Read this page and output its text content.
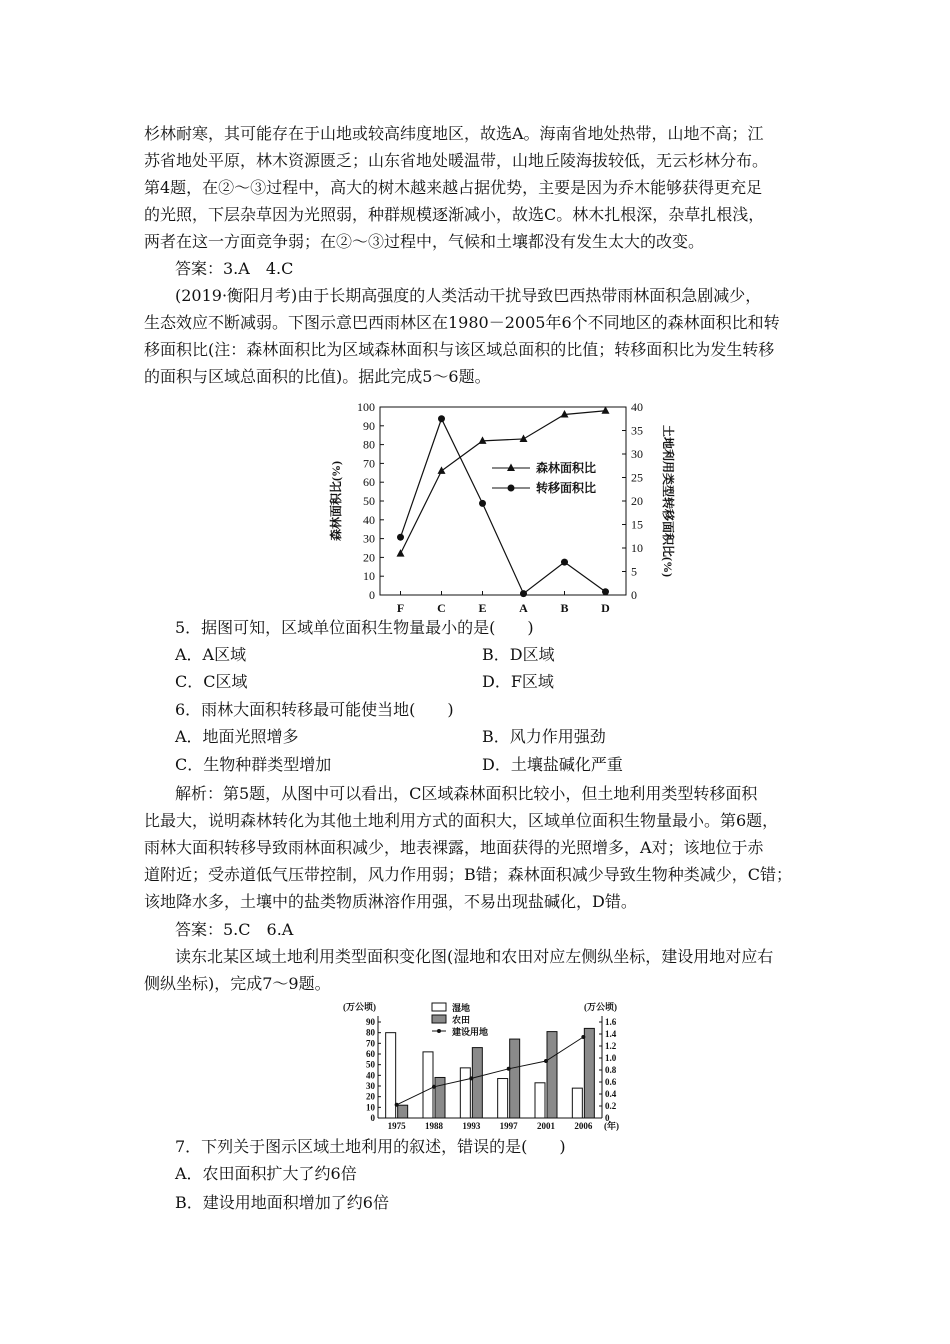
杉林耐寒，其可能存在于山地或较高纬度地区，故选A。海南省地处热带，山地不高；江
苏省地处平原，林木资源匮乏；山东省地处暖温带，山地丘陵海拔较低，无云杉林分布。
第4题，在②～③过程中，高大的树木越来越占据优势，主要是因为乔木能够获得更充足
的光照，下层杂草因为光照弱，种群规模逐渐减小，故选C。林木扎根深，杂草扎根浅，
两者在这一方面竞争弱；在②～③过程中，气候和土壤都没有发生太大的改变。
答案：3.A　4.C
(2019·衡阳月考)由于长期高强度的人类活动干扰导致巴西热带雨林面积急剧减少，
生态效应不断减弱。下图示意巴西雨林区在1980－2005年6个不同地区的森林面积比和转
移面积比(注：森林面积比为区域森林面积与该区域总面积的比值；转移面积比为发生转移
的面积与区域总面积的比值)。据此完成5～6题。
0
10
20
30
40
50
60
70
80
90
100
0
5
10
15
20
25
30
35
40
F	C	E	A	B	D
森林面积比(%)	土地利用类型转移面积比(%)
森林面积比
转移面积比
5．据图可知，区域单位面积生物量最小的是(　　)
A．A区域	B．D区域
C．C区域	D．F区域
6．雨林大面积转移最可能使当地(　　)
A．地面光照增多	B．风力作用强劲
C．生物种群类型增加	D．土壤盐碱化严重
解析：第5题，从图中可以看出，C区域森林面积比较小，但土地利用类型转移面积
比最大，说明森林转化为其他土地利用方式的面积大，区域单位面积生物量最小。第6题，
雨林大面积转移导致雨林面积减少，地表裸露，地面获得的光照增多，A对；该地位于赤
道附近；受赤道低气压带控制，风力作用弱；B错；森林面积减少导致生物种类减少，C错；
该地降水多，土壤中的盐类物质淋溶作用强，不易出现盐碱化，D错。
答案：5.C　6.A
读东北某区域土地利用类型面积变化图(湿地和农田对应左侧纵坐标，建设用地对应右
侧纵坐标)，完成7～9题。
0
10
20
30
40
50
60
70
80
90
0
0.2
0.4
0.6
0.8
1.0
1.2
1.4
1.6
(万公顷)	(万公顷)
1975 1988 1993 1997 2001 2006 (年)
湿地
农田
建设用地
7．下列关于图示区域土地利用的叙述，错误的是(　　)
A．农田面积扩大了约6倍
B．建设用地面积增加了约6倍
